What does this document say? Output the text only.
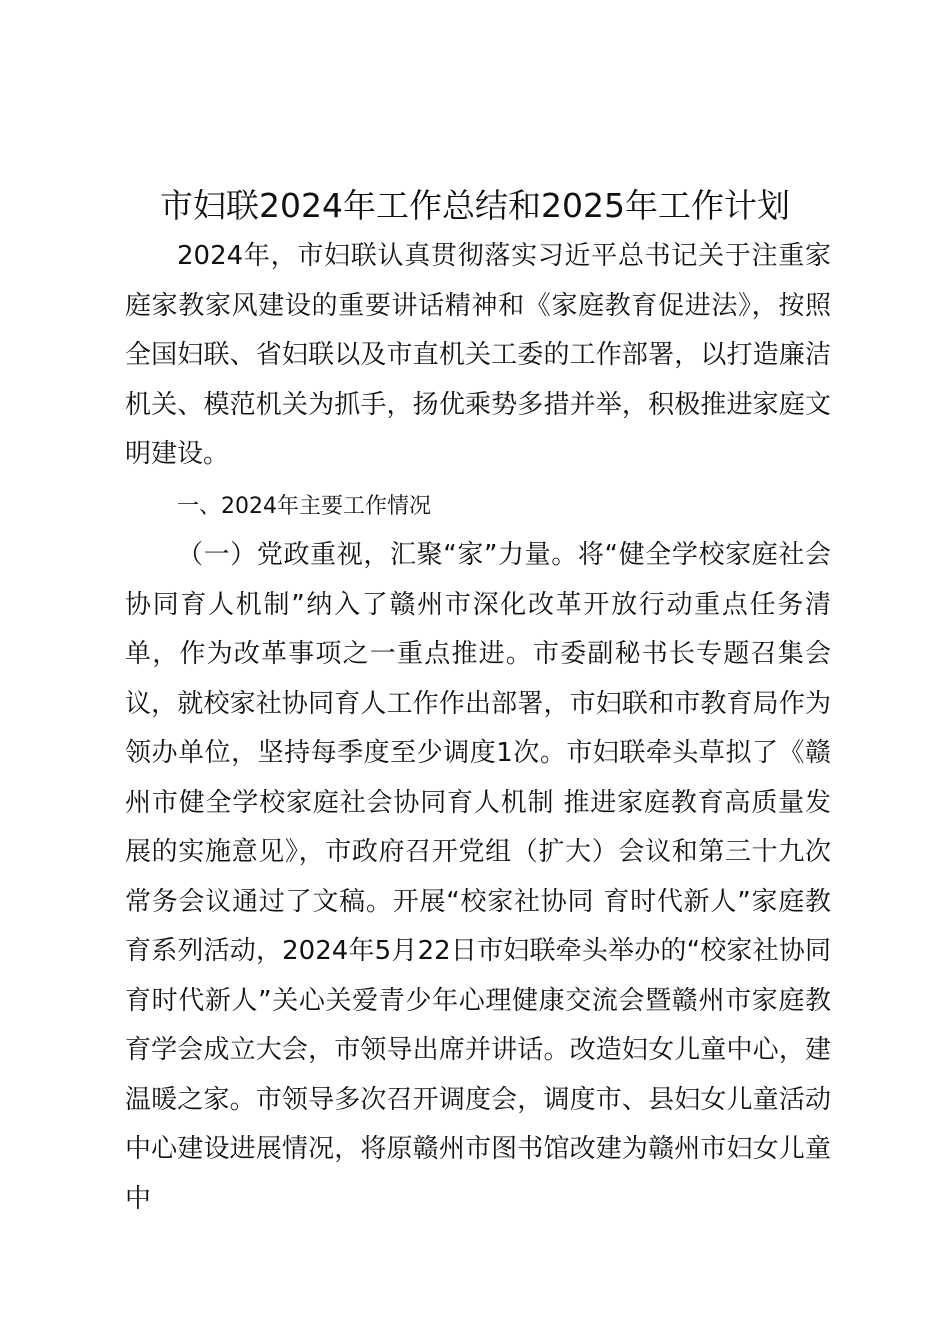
市妇联2024年工作总结和2025年工作计划

2024年，市妇联认真贯彻落实习近平总书记关于注重家庭家教家风建设的重要讲话精神和《家庭教育促进法》，按照全国妇联、省妇联以及市直机关工委的工作部署，以打造廉洁机关、模范机关为抓手，扬优乘势多措并举，积极推进家庭文明建设。

一、2024年主要工作情况

（一）党政重视，汇聚“家”力量。将“健全学校家庭社会协同育人机制”纳入了赣州市深化改革开放行动重点任务清单，作为改革事项之一重点推进。市委副秘书长专题召集会议，就校家社协同育人工作作出部署，市妇联和市教育局作为领办单位，坚持每季度至少调度1次。市妇联牵头草拟了《赣州市健全学校家庭社会协同育人机制 推进家庭教育高质量发展的实施意见》，市政府召开党组（扩大）会议和第三十九次常务会议通过了文稿。开展“校家社协同 育时代新人”家庭教育系列活动，2024年5月22日市妇联牵头举办的“校家社协同 育时代新人”关心关爱青少年心理健康交流会暨赣州市家庭教育学会成立大会，市领导出席并讲话。改造妇女儿童中心，建温暖之家。市领导多次召开调度会，调度市、县妇女儿童活动中心建设进展情况，将原赣州市图书馆改建为赣州市妇女儿童中
